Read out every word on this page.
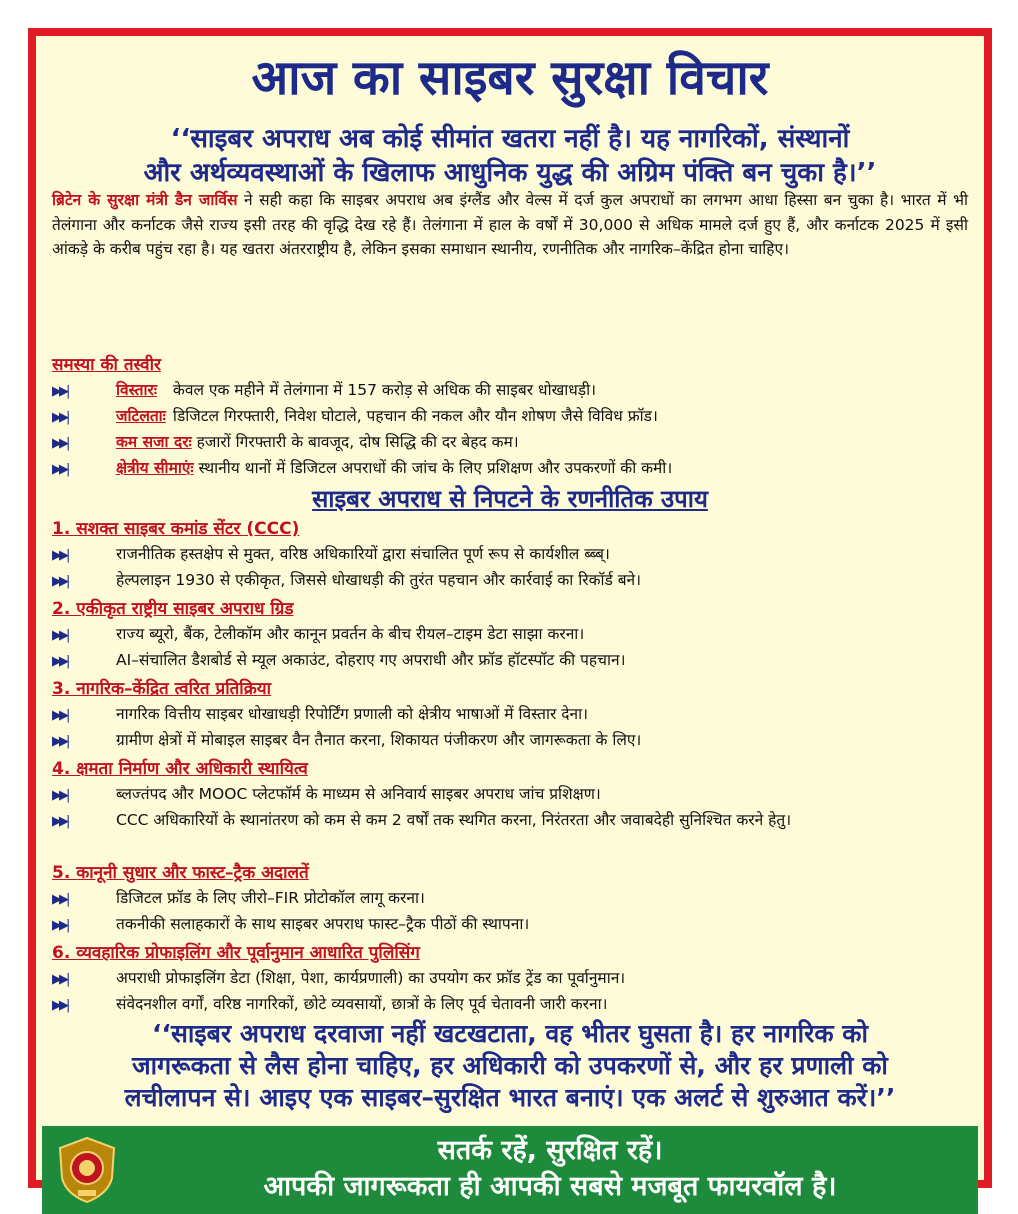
आज का साइबर सुरक्षा विचार
‘‘साइबर अपराध अब कोई सीमांत खतरा नहीं है। यह नागरिकों, संस्थानों
और अर्थव्यवस्थाओं के खिलाफ आधुनिक युद्ध की अग्रिम पंक्ति बन चुका है।’’
ब्रिटेन के सुरक्षा मंत्री डैन जार्विस ने सही कहा कि साइबर अपराध अब इंग्लैंड और वेल्स में दर्ज कुल अपराधों का लगभग आधा हिस्सा बन चुका है। भारत में भी तेलंगाना और कर्नाटक जैसे राज्य इसी तरह की वृद्धि देख रहे हैं। तेलंगाना में हाल के वर्षों में 30,000 से अधिक मामले दर्ज हुए हैं, और कर्नाटक 2025 में इसी आंकड़े के करीब पहुंच रहा है। यह खतरा अंतरराष्ट्रीय है, लेकिन इसका समाधान स्थानीय, रणनीतिक और नागरिक–केंद्रित होना चाहिए।
समस्या की तस्वीर
▶▶|	विस्तारः केवल एक महीने में तेलंगाना में 157 करोड़ से अधिक की साइबर धोखाधड़ी।
▶▶|	जटिलताः डिजिटल गिरफ्तारी, निवेश घोटाले, पहचान की नकल और यौन शोषण जैसे विविध फ्रॉड।
▶▶|	कम सजा दरः हजारों गिरफ्तारी के बावजूद, दोष सिद्धि की दर बेहद कम।
▶▶|	क्षेत्रीय सीमाएंः स्थानीय थानों में डिजिटल अपराधों की जांच के लिए प्रशिक्षण और उपकरणों की कमी।
साइबर अपराध से निपटने के रणनीतिक उपाय
1. सशक्त साइबर कमांड सेंटर (CCC)
▶▶|	राजनीतिक हस्तक्षेप से मुक्त, वरिष्ठ अधिकारियों द्वारा संचालित पूर्ण रूप से कार्यशील ब्ब्ब्।
▶▶|	हेल्पलाइन 1930 से एकीकृत, जिससे धोखाधड़ी की तुरंत पहचान और कार्रवाई का रिकॉर्ड बने।
2. एकीकृत राष्ट्रीय साइबर अपराध ग्रिड
▶▶|	राज्य ब्यूरो, बैंक, टेलीकॉम और कानून प्रवर्तन के बीच रीयल–टाइम डेटा साझा करना।
▶▶|	AI–संचालित डैशबोर्ड से म्यूल अकाउंट, दोहराए गए अपराधी और फ्रॉड हॉटस्पॉट की पहचान।
3. नागरिक–केंद्रित त्वरित प्रतिक्रिया
▶▶|	नागरिक वित्तीय साइबर धोखाधड़ी रिपोर्टिंग प्रणाली को क्षेत्रीय भाषाओं में विस्तार देना।
▶▶|	ग्रामीण क्षेत्रों में मोबाइल साइबर वैन तैनात करना, शिकायत पंजीकरण और जागरूकता के लिए।
4. क्षमता निर्माण और अधिकारी स्थायित्व
▶▶|	ब्लज्तंपद और MOOC प्लेटफॉर्म के माध्यम से अनिवार्य साइबर अपराध जांच प्रशिक्षण।
▶▶|	CCC अधिकारियों के स्थानांतरण को कम से कम 2 वर्षों तक स्थगित करना, निरंतरता और जवाबदेही सुनिश्चित करने हेतु।
5. कानूनी सुधार और फास्ट–ट्रैक अदालतें
▶▶|	डिजिटल फ्रॉड के लिए जीरो–FIR प्रोटोकॉल लागू करना।
▶▶|	तकनीकी सलाहकारों के साथ साइबर अपराध फास्ट–ट्रैक पीठों की स्थापना।
6. व्यवहारिक प्रोफाइलिंग और पूर्वानुमान आधारित पुलिसिंग
▶▶|	अपराधी प्रोफाइलिंग डेटा (शिक्षा, पेशा, कार्यप्रणाली) का उपयोग कर फ्रॉड ट्रेंड का पूर्वानुमान।
▶▶|	संवेदनशील वर्गों, वरिष्ठ नागरिकों, छोटे व्यवसायों, छात्रों के लिए पूर्व चेतावनी जारी करना।
‘‘साइबर अपराध दरवाजा नहीं खटखटाता, वह भीतर घुसता है। हर नागरिक को
जागरूकता से लैस होना चाहिए, हर अधिकारी को उपकरणों से, और हर प्रणाली को
लचीलापन से। आइए एक साइबर–सुरक्षित भारत बनाएं। एक अलर्ट से शुरुआत करें।’’
सतर्क रहें, सुरक्षित रहें।
आपकी जागरूकता ही आपकी सबसे मजबूत फायरवॉल है।
